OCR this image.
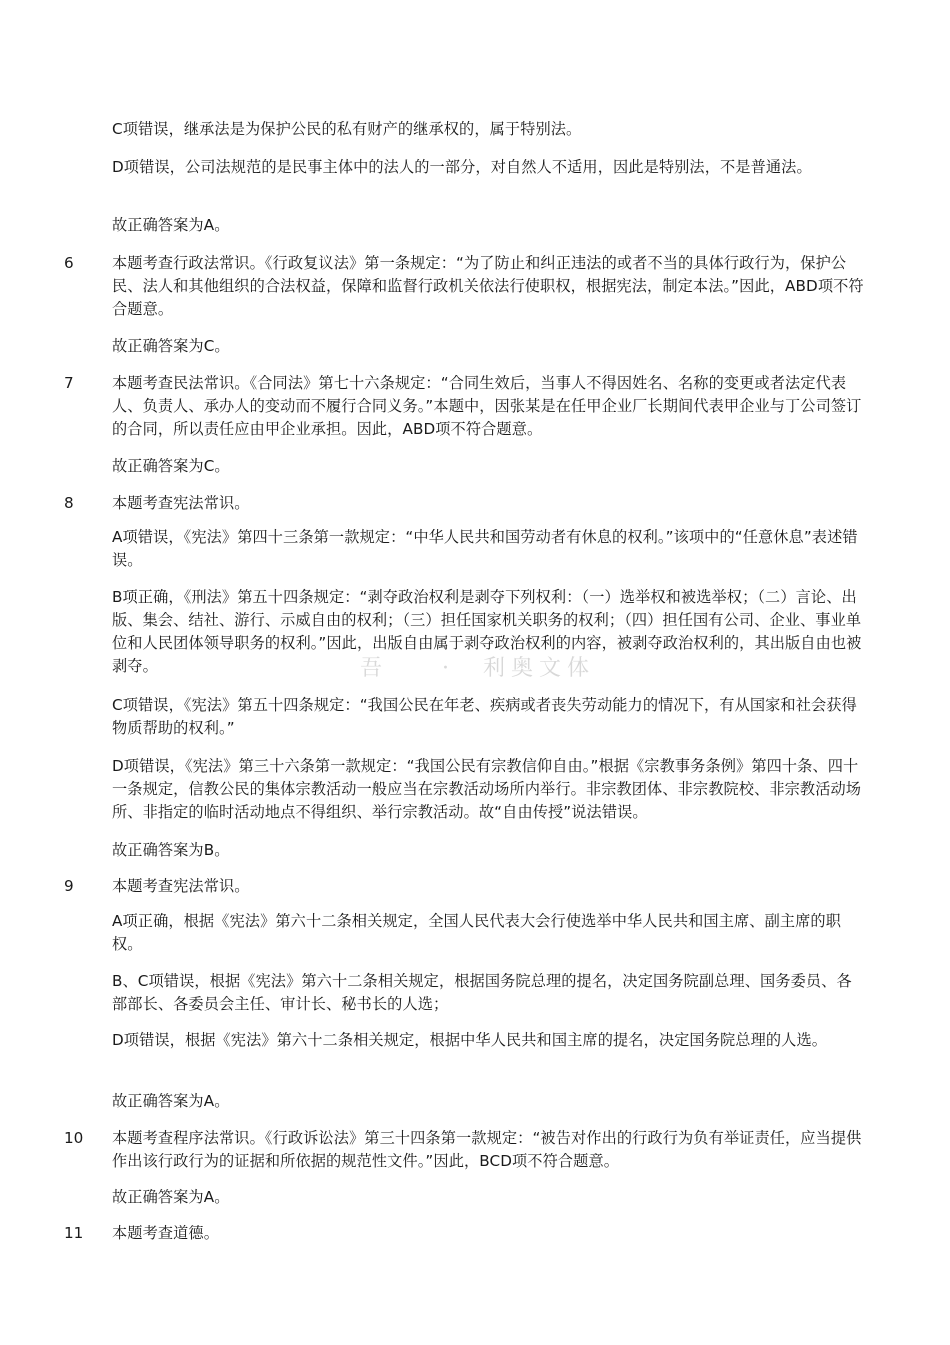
吾 　 ·　利奥文体

C项错误，继承法是为保护公民的私有财产的继承权的，属于特别法。

D项错误，公司法规范的是民事主体中的法人的一部分，对自然人不适用，因此是特别法，不是普通法。

故正确答案为A。

6	本题考查行政法常识。《行政复议法》第一条规定：“为了防止和纠正违法的或者不当的具体行政行为，保护公民、法人和其他组织的合法权益，保障和监督行政机关依法行使职权，根据宪法，制定本法。”因此，ABD项不符合题意。

故正确答案为C。

7	本题考查民法常识。《合同法》第七十六条规定：“合同生效后，当事人不得因姓名、名称的变更或者法定代表人、负责人、承办人的变动而不履行合同义务。”本题中，因张某是在任甲企业厂长期间代表甲企业与丁公司签订的合同，所以责任应由甲企业承担。因此，ABD项不符合题意。

故正确答案为C。

8	本题考查宪法常识。

A项错误，《宪法》第四十三条第一款规定：“中华人民共和国劳动者有休息的权利。”该项中的“任意休息”表述错误。

B项正确，《刑法》第五十四条规定：“剥夺政治权利是剥夺下列权利：（一）选举权和被选举权；（二）言论、出版、集会、结社、游行、示威自由的权利；（三）担任国家机关职务的权利；（四）担任国有公司、企业、事业单位和人民团体领导职务的权利。”因此，出版自由属于剥夺政治权利的内容，被剥夺政治权利的，其出版自由也被剥夺。

C项错误，《宪法》第五十四条规定：“我国公民在年老、疾病或者丧失劳动能力的情况下，有从国家和社会获得物质帮助的权利。”

D项错误，《宪法》第三十六条第一款规定：“我国公民有宗教信仰自由。”根据《宗教事务条例》第四十条、四十一条规定，信教公民的集体宗教活动一般应当在宗教活动场所内举行。非宗教团体、非宗教院校、非宗教活动场所、非指定的临时活动地点不得组织、举行宗教活动。故“自由传授”说法错误。

故正确答案为B。

9	本题考查宪法常识。

A项正确，根据《宪法》第六十二条相关规定，全国人民代表大会行使选举中华人民共和国主席、副主席的职权。

B、C项错误，根据《宪法》第六十二条相关规定，根据国务院总理的提名，决定国务院副总理、国务委员、各部部长、各委员会主任、审计长、秘书长的人选；

D项错误，根据《宪法》第六十二条相关规定，根据中华人民共和国主席的提名，决定国务院总理的人选。

故正确答案为A。

10 本题考查程序法常识。《行政诉讼法》第三十四条第一款规定：“被告对作出的行政行为负有举证责任，应当提供作出该行政行为的证据和所依据的规范性文件。”因此，BCD项不符合题意。

故正确答案为A。

11 本题考查道德。
